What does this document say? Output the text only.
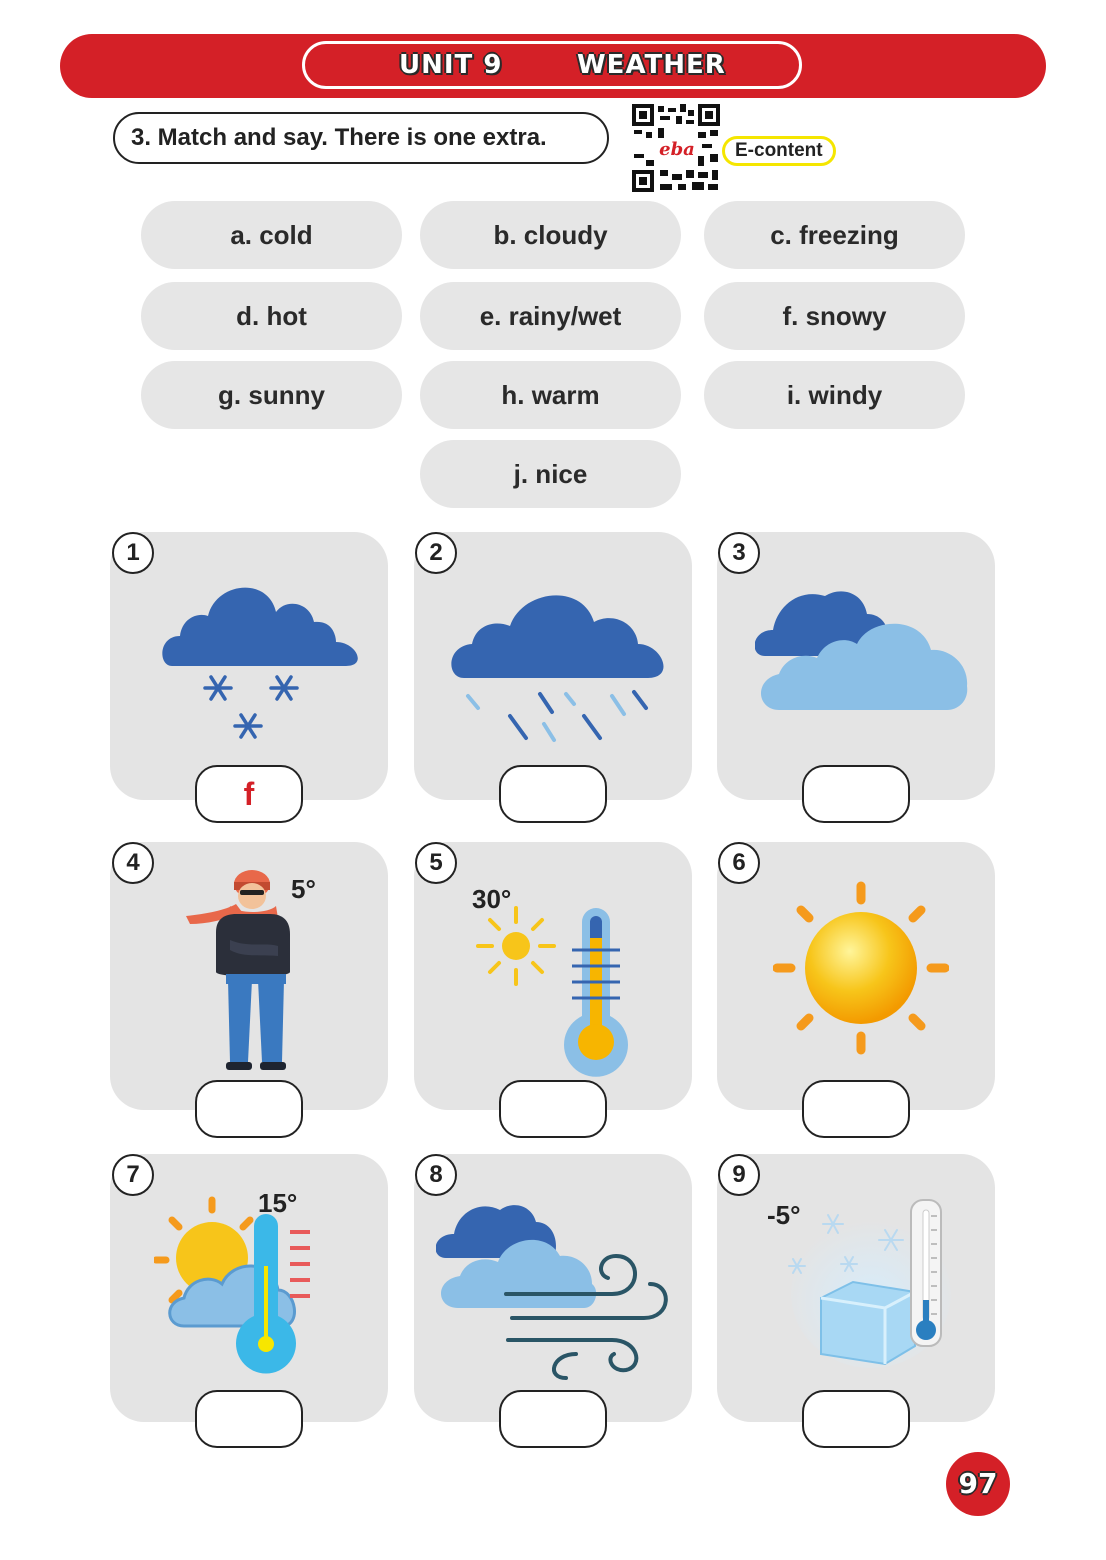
UNIT 9	WEATHER
3. Match and say. There is one extra.	eba	E-content
a. cold	b. cloudy	c. freezing
d. hot	e. rainy/wet	f. snowy
g. sunny	h. warm	i. windy
j. nice
1
f
2	3
5°
4
30°
5	6
15°
7	8
-5°
9
97
